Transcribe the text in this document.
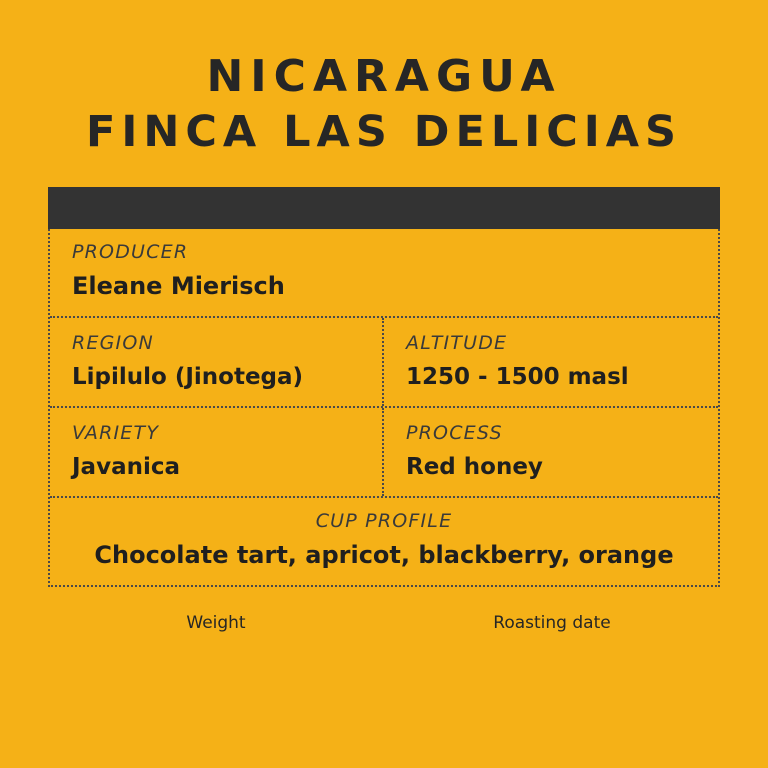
NICARAGUA
FINCA LAS DELICIAS
PRODUCER
Eleane Mierisch
REGION
Lipilulo (Jinotega)
ALTITUDE
1250 - 1500 masl
VARIETY
Javanica
PROCESS
Red honey
CUP PROFILE
Chocolate tart, apricot, blackberry, orange
Weight	Roasting date
